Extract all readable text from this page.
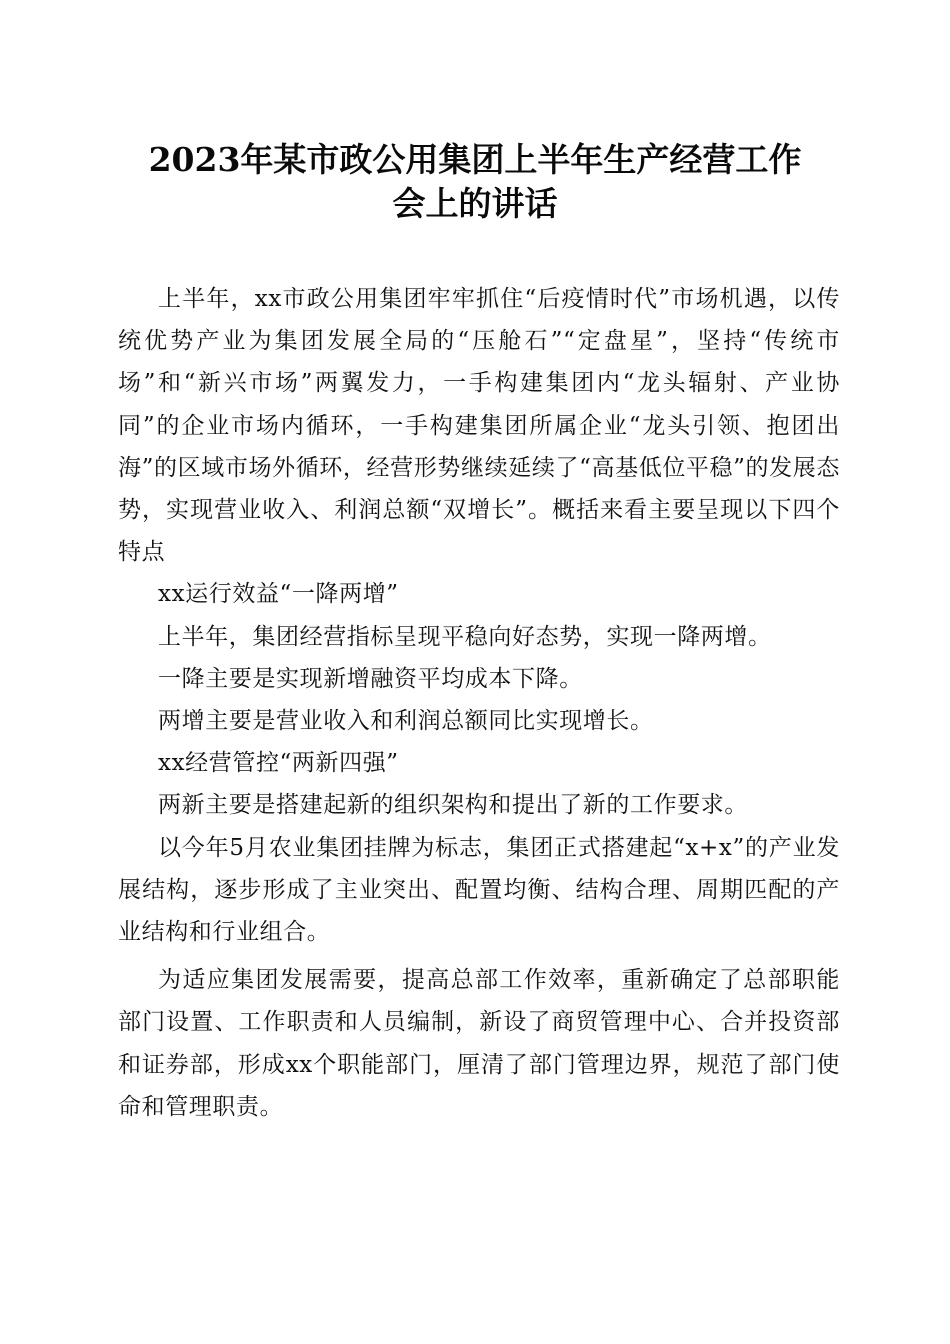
2023年某市政公用集团上半年生产经营工作
会上的讲话

上半年，xx市政公用集团牢牢抓住“后疫情时代”市场机遇，以传统优势产业为集团发展全局的“压舱石”“定盘星”，坚持“传统市场”和“新兴市场”两翼发力，一手构建集团内“龙头辐射、产业协同”的企业市场内循环，一手构建集团所属企业“龙头引领、抱团出海”的区域市场外循环，经营形势继续延续了“高基低位平稳”的发展态势，实现营业收入、利润总额“双增长”。概括来看主要呈现以下四个特点

xx运行效益“一降两增”

上半年，集团经营指标呈现平稳向好态势，实现一降两增。

一降主要是实现新增融资平均成本下降。

两增主要是营业收入和利润总额同比实现增长。

xx经营管控“两新四强”

两新主要是搭建起新的组织架构和提出了新的工作要求。

以今年5月农业集团挂牌为标志，集团正式搭建起“x+x”的产业发展结构，逐步形成了主业突出、配置均衡、结构合理、周期匹配的产业结构和行业组合。

为适应集团发展需要，提高总部工作效率，重新确定了总部职能部门设置、工作职责和人员编制，新设了商贸管理中心、合并投资部和证券部，形成xx个职能部门，厘清了部门管理边界，规范了部门使命和管理职责。
